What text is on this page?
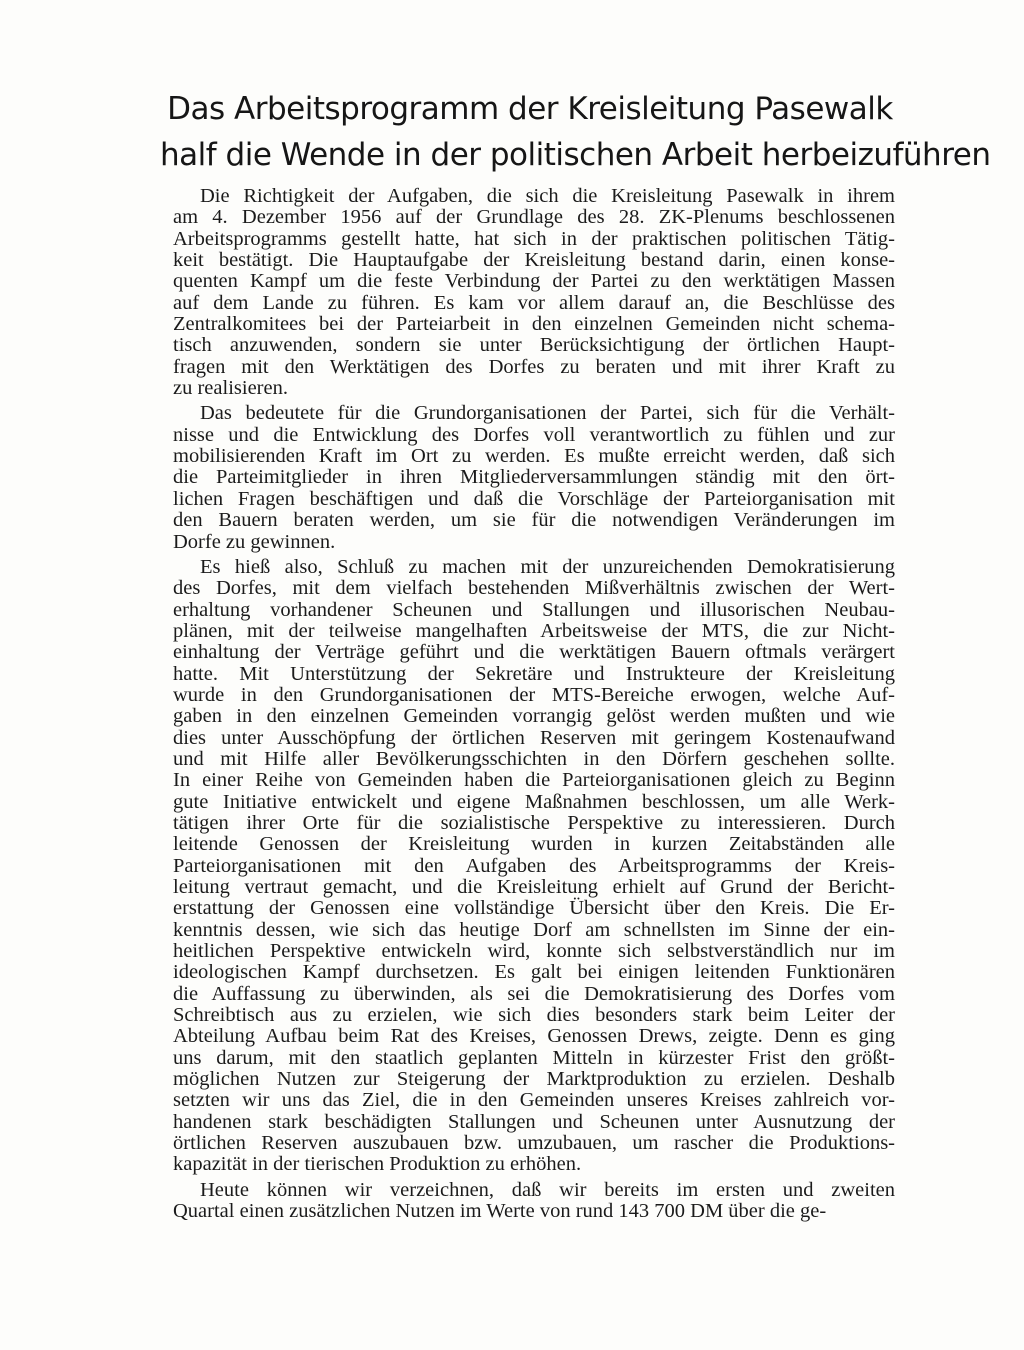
Das Arbeitsprogramm der Kreisleitung Pasewalk
half die Wende in der politischen Arbeit herbeizuführen
Die Richtigkeit der Aufgaben, die sich die Kreisleitung Pasewalk in ihrem
am 4. Dezember 1956 auf der Grundlage des 28. ZK-Plenums beschlossenen
Arbeitsprogramms gestellt hatte, hat sich in der praktischen politischen Tätig-
keit bestätigt. Die Hauptaufgabe der Kreisleitung bestand darin, einen konse-
quenten Kampf um die feste Verbindung der Partei zu den werktätigen Massen
auf dem Lande zu führen. Es kam vor allem darauf an, die Beschlüsse des
Zentralkomitees bei der Parteiarbeit in den einzelnen Gemeinden nicht schema-
tisch anzuwenden, sondern sie unter Berücksichtigung der örtlichen Haupt-
fragen mit den Werktätigen des Dorfes zu beraten und mit ihrer Kraft zu
zu realisieren.
Das bedeutete für die Grundorganisationen der Partei, sich für die Verhält-
nisse und die Entwicklung des Dorfes voll verantwortlich zu fühlen und zur
mobilisierenden Kraft im Ort zu werden. Es mußte erreicht werden, daß sich
die Parteimitglieder in ihren Mitgliederversammlungen ständig mit den ört-
lichen Fragen beschäftigen und daß die Vorschläge der Parteiorganisation mit
den Bauern beraten werden, um sie für die notwendigen Veränderungen im
Dorfe zu gewinnen.
Es hieß also, Schluß zu machen mit der unzureichenden Demokratisierung
des Dorfes, mit dem vielfach bestehenden Mißverhältnis zwischen der Wert-
erhaltung vorhandener Scheunen und Stallungen und illusorischen Neubau-
plänen, mit der teilweise mangelhaften Arbeitsweise der MTS, die zur Nicht-
einhaltung der Verträge geführt und die werktätigen Bauern oftmals verärgert
hatte. Mit Unterstützung der Sekretäre und Instrukteure der Kreisleitung
wurde in den Grundorganisationen der MTS-Bereiche erwogen, welche Auf-
gaben in den einzelnen Gemeinden vorrangig gelöst werden mußten und wie
dies unter Ausschöpfung der örtlichen Reserven mit geringem Kostenaufwand
und mit Hilfe aller Bevölkerungsschichten in den Dörfern geschehen sollte.
In einer Reihe von Gemeinden haben die Parteiorganisationen gleich zu Beginn
gute Initiative entwickelt und eigene Maßnahmen beschlossen, um alle Werk-
tätigen ihrer Orte für die sozialistische Perspektive zu interessieren. Durch
leitende Genossen der Kreisleitung wurden in kurzen Zeitabständen alle
Parteiorganisationen mit den Aufgaben des Arbeitsprogramms der Kreis-
leitung vertraut gemacht, und die Kreisleitung erhielt auf Grund der Bericht-
erstattung der Genossen eine vollständige Übersicht über den Kreis. Die Er-
kenntnis dessen, wie sich das heutige Dorf am schnellsten im Sinne der ein-
heitlichen Perspektive entwickeln wird, konnte sich selbstverständlich nur im
ideologischen Kampf durchsetzen. Es galt bei einigen leitenden Funktionären
die Auffassung zu überwinden, als sei die Demokratisierung des Dorfes vom
Schreibtisch aus zu erzielen, wie sich dies besonders stark beim Leiter der
Abteilung Aufbau beim Rat des Kreises, Genossen Drews, zeigte. Denn es ging
uns darum, mit den staatlich geplanten Mitteln in kürzester Frist den größt-
möglichen Nutzen zur Steigerung der Marktproduktion zu erzielen. Deshalb
setzten wir uns das Ziel, die in den Gemeinden unseres Kreises zahlreich vor-
handenen stark beschädigten Stallungen und Scheunen unter Ausnutzung der
örtlichen Reserven auszubauen bzw. umzubauen, um rascher die Produktions-
kapazität in der tierischen Produktion zu erhöhen.
Heute können wir verzeichnen, daß wir bereits im ersten und zweiten
Quartal einen zusätzlichen Nutzen im Werte von rund 143 700 DM über die ge-
